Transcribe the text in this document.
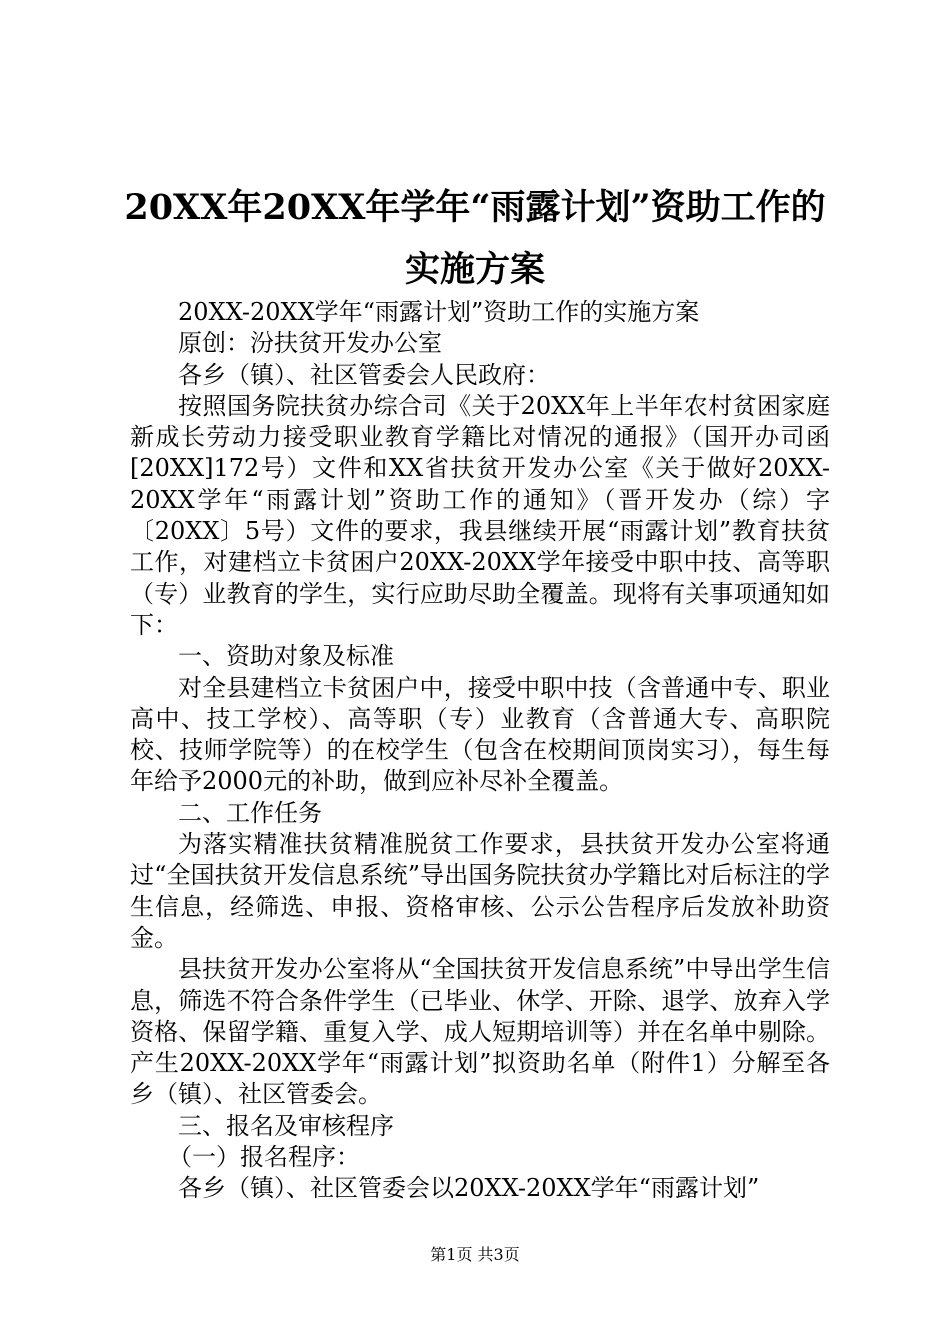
20XX年20XX年学年“雨露计划”资助工作的
实施方案

20XX-20XX学年“雨露计划”资助工作的实施方案

原创：汾扶贫开发办公室

各乡（镇）、社区管委会人民政府：

按照国务院扶贫办综合司《关于20XX年上半年农村贫困家庭新成长劳动力接受职业教育学籍比对情况的通报》（国开办司函[20XX]172号）文件和XX省扶贫开发办公室《关于做好20XX-20XX学年“雨露计划”资助工作的通知》（晋开发办（综）字〔20XX〕5号）文件的要求，我县继续开展“雨露计划”教育扶贫工作，对建档立卡贫困户20XX-20XX学年接受中职中技、高等职（专）业教育的学生，实行应助尽助全覆盖。现将有关事项通知如下：

一、资助对象及标准

对全县建档立卡贫困户中，接受中职中技（含普通中专、职业高中、技工学校）、高等职（专）业教育（含普通大专、高职院校、技师学院等）的在校学生（包含在校期间顶岗实习），每生每年给予2000元的补助，做到应补尽补全覆盖。

二、工作任务

为落实精准扶贫精准脱贫工作要求，县扶贫开发办公室将通过“全国扶贫开发信息系统”导出国务院扶贫办学籍比对后标注的学生信息，经筛选、申报、资格审核、公示公告程序后发放补助资金。

县扶贫开发办公室将从“全国扶贫开发信息系统”中导出学生信息，筛选不符合条件学生（已毕业、休学、开除、退学、放弃入学资格、保留学籍、重复入学、成人短期培训等）并在名单中剔除。产生20XX-20XX学年“雨露计划”拟资助名单（附件1）分解至各乡（镇）、社区管委会。

三、报名及审核程序

（一）报名程序：

各乡（镇）、社区管委会以20XX-20XX学年“雨露计划”

第1页 共3页
